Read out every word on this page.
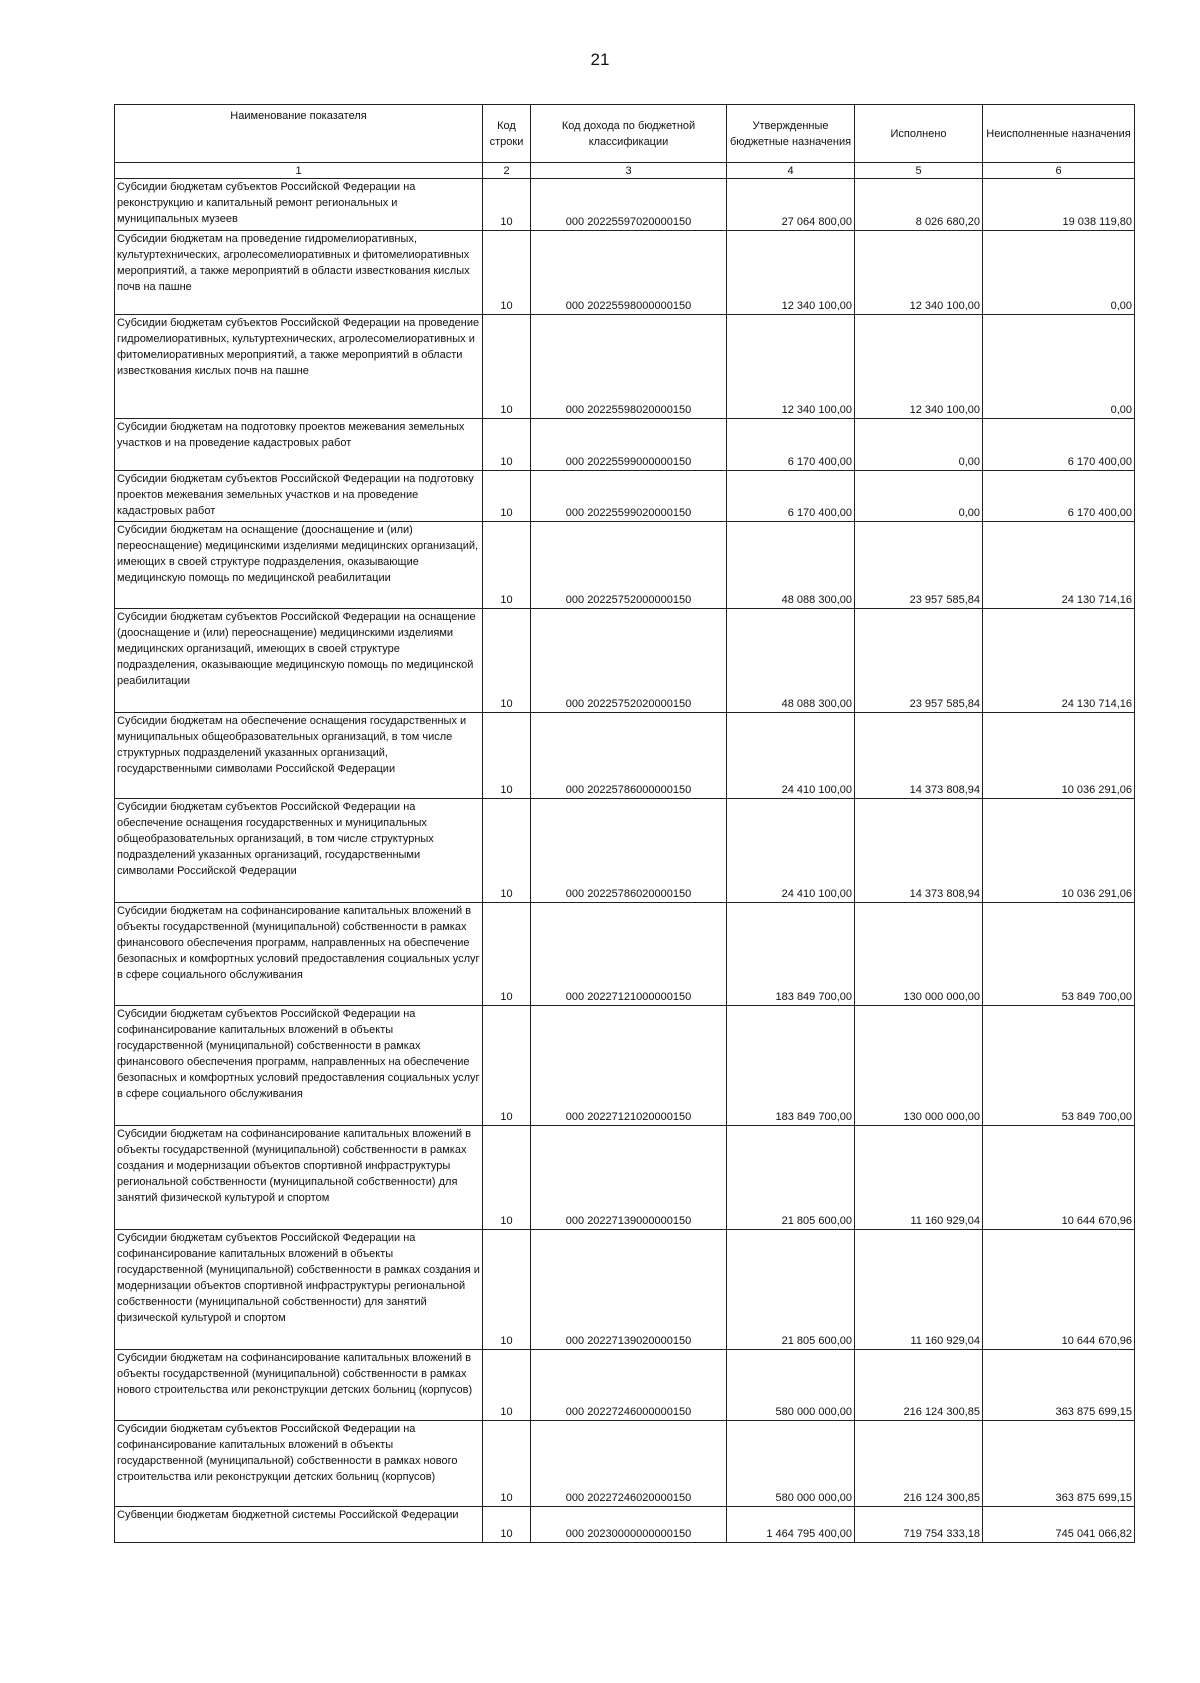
21
Наименование показателя	Код строки	Код дохода по бюджетной классификации	Утвержденные бюджетные назначения	Исполнено	Неисполненные назначения
1	2	3	4	5	6
Субсидии бюджетам субъектов Российской Федерации на реконструкцию и капитальный ремонт региональных и муниципальных музеев	10	000 20225597020000150	27 064 800,00	8 026 680,20	19 038 119,80
Субсидии бюджетам на проведение гидромелиоративных, культуртехнических, агролесомелиоративных и фитомелиоративных мероприятий, а также мероприятий в области известкования кислых почв на пашне	10	000 20225598000000150	12 340 100,00	12 340 100,00	0,00
Субсидии бюджетам субъектов Российской Федерации на проведение гидромелиоративных, культуртехнических, агролесомелиоративных и фитомелиоративных мероприятий, а также мероприятий в области известкования кислых почв на пашне	10	000 20225598020000150	12 340 100,00	12 340 100,00	0,00
Субсидии бюджетам на подготовку проектов межевания земельных участков и на проведение кадастровых работ	10	000 20225599000000150	6 170 400,00	0,00	6 170 400,00
Субсидии бюджетам субъектов Российской Федерации на подготовку проектов межевания земельных участков и на проведение кадастровых работ	10	000 20225599020000150	6 170 400,00	0,00	6 170 400,00
Субсидии бюджетам на оснащение (дооснащение и (или) переоснащение) медицинскими изделиями медицинских организаций, имеющих в своей структуре подразделения, оказывающие медицинскую помощь по медицинской реабилитации	10	000 20225752000000150	48 088 300,00	23 957 585,84	24 130 714,16
Субсидии бюджетам субъектов Российской Федерации на оснащение (дооснащение и (или) переоснащение) медицинскими изделиями медицинских организаций, имеющих в своей структуре подразделения, оказывающие медицинскую помощь по медицинской реабилитации	10	000 20225752020000150	48 088 300,00	23 957 585,84	24 130 714,16
Субсидии бюджетам на обеспечение оснащения государственных и муниципальных общеобразовательных организаций, в том числе структурных подразделений указанных организаций, государственными символами Российской Федерации	10	000 20225786000000150	24 410 100,00	14 373 808,94	10 036 291,06
Субсидии бюджетам субъектов Российской Федерации на обеспечение оснащения государственных и муниципальных общеобразовательных организаций, в том числе структурных подразделений указанных организаций, государственными символами Российской Федерации	10	000 20225786020000150	24 410 100,00	14 373 808,94	10 036 291,06
Субсидии бюджетам на софинансирование капитальных вложений в объекты государственной (муниципальной) собственности в рамках финансового обеспечения программ, направленных на обеспечение безопасных и комфортных условий предоставления социальных услуг в сфере социального обслуживания	10	000 20227121000000150	183 849 700,00	130 000 000,00	53 849 700,00
Субсидии бюджетам субъектов Российской Федерации на софинансирование капитальных вложений в объекты государственной (муниципальной) собственности в рамках финансового обеспечения программ, направленных на обеспечение безопасных и комфортных условий предоставления социальных услуг в сфере социального обслуживания	10	000 20227121020000150	183 849 700,00	130 000 000,00	53 849 700,00
Субсидии бюджетам на софинансирование капитальных вложений в объекты государственной (муниципальной) собственности в рамках создания и модернизации объектов спортивной инфраструктуры региональной собственности (муниципальной собственности) для занятий физической культурой и спортом	10	000 20227139000000150	21 805 600,00	11 160 929,04	10 644 670,96
Субсидии бюджетам субъектов Российской Федерации на софинансирование капитальных вложений в объекты государственной (муниципальной) собственности в рамках создания и модернизации объектов спортивной инфраструктуры региональной собственности (муниципальной собственности) для занятий физической культурой и спортом	10	000 20227139020000150	21 805 600,00	11 160 929,04	10 644 670,96
Субсидии бюджетам на софинансирование капитальных вложений в объекты государственной (муниципальной) собственности в рамках нового строительства или реконструкции детских больниц (корпусов)	10	000 20227246000000150	580 000 000,00	216 124 300,85	363 875 699,15
Субсидии бюджетам субъектов Российской Федерации на софинансирование капитальных вложений в объекты государственной (муниципальной) собственности в рамках нового строительства или реконструкции детских больниц (корпусов)	10	000 20227246020000150	580 000 000,00	216 124 300,85	363 875 699,15
Субвенции бюджетам бюджетной системы Российской Федерации	10	000 20230000000000150	1 464 795 400,00	719 754 333,18	745 041 066,82
